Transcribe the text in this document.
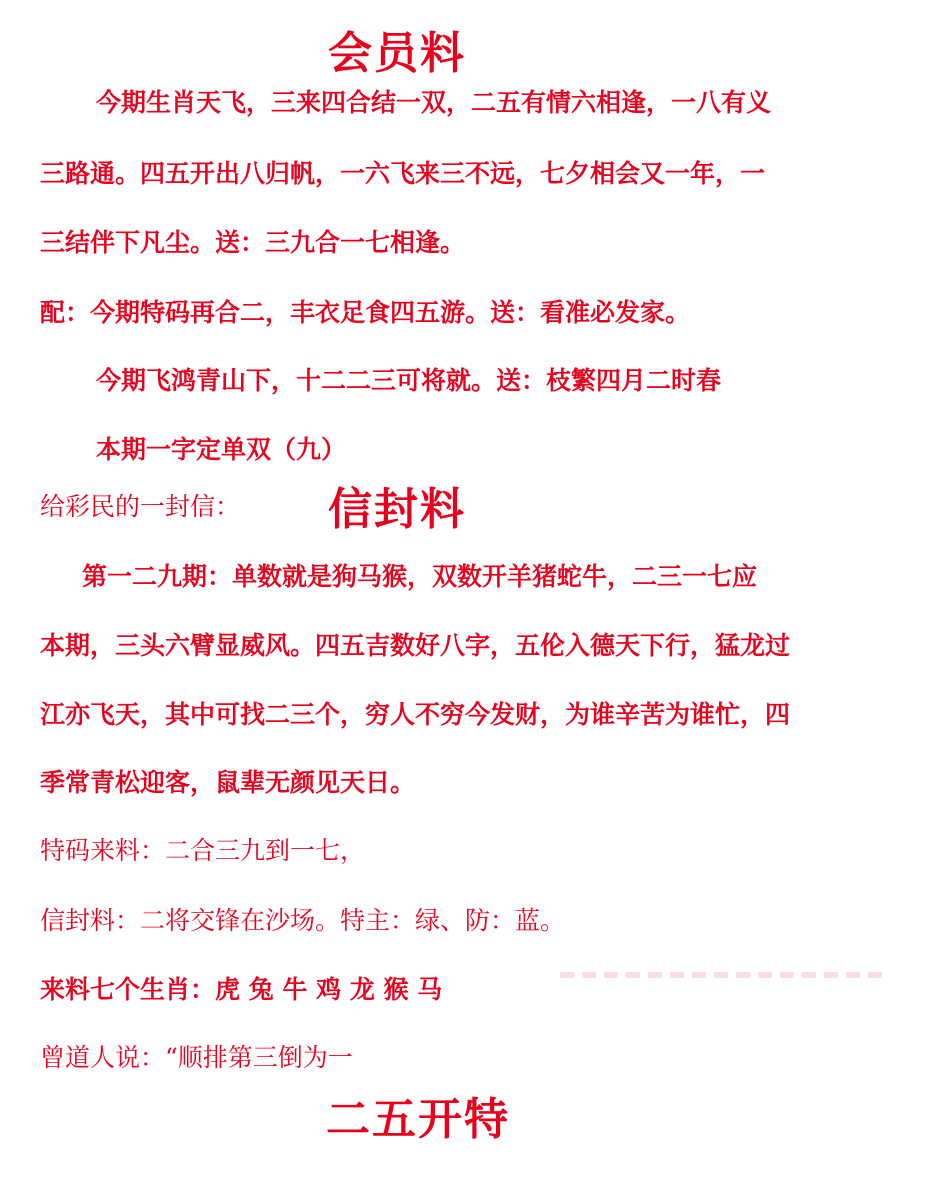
会员料
今期生肖天飞，三来四合结一双，二五有情六相逢，一八有义
三路通。四五开出八归帆，一六飞来三不远，七夕相会又一年，一
三结伴下凡尘。送：三九合一七相逢。
配：今期特码再合二，丰衣足食四五游。送：看准必发家。
今期飞鸿青山下，十二二三可将就。送：枝繁四月二时春
本期一字定单双（九）
给彩民的一封信： 信封料
第一二九期：单数就是狗马猴，双数开羊猪蛇牛，二三一七应
本期，三头六臂显威风。四五吉数好八字，五伦入德天下行，猛龙过
江亦飞天，其中可找二三个，穷人不穷今发财，为谁辛苦为谁忙，四
季常青松迎客，鼠辈无颜见天日。
特码来料：二合三九到一七，
信封料：二将交锋在沙场。特主：绿、防：蓝。
来料七个生肖：虎 兔 牛 鸡 龙 猴 马
曾道人说：“顺排第三倒为一
二五开特
